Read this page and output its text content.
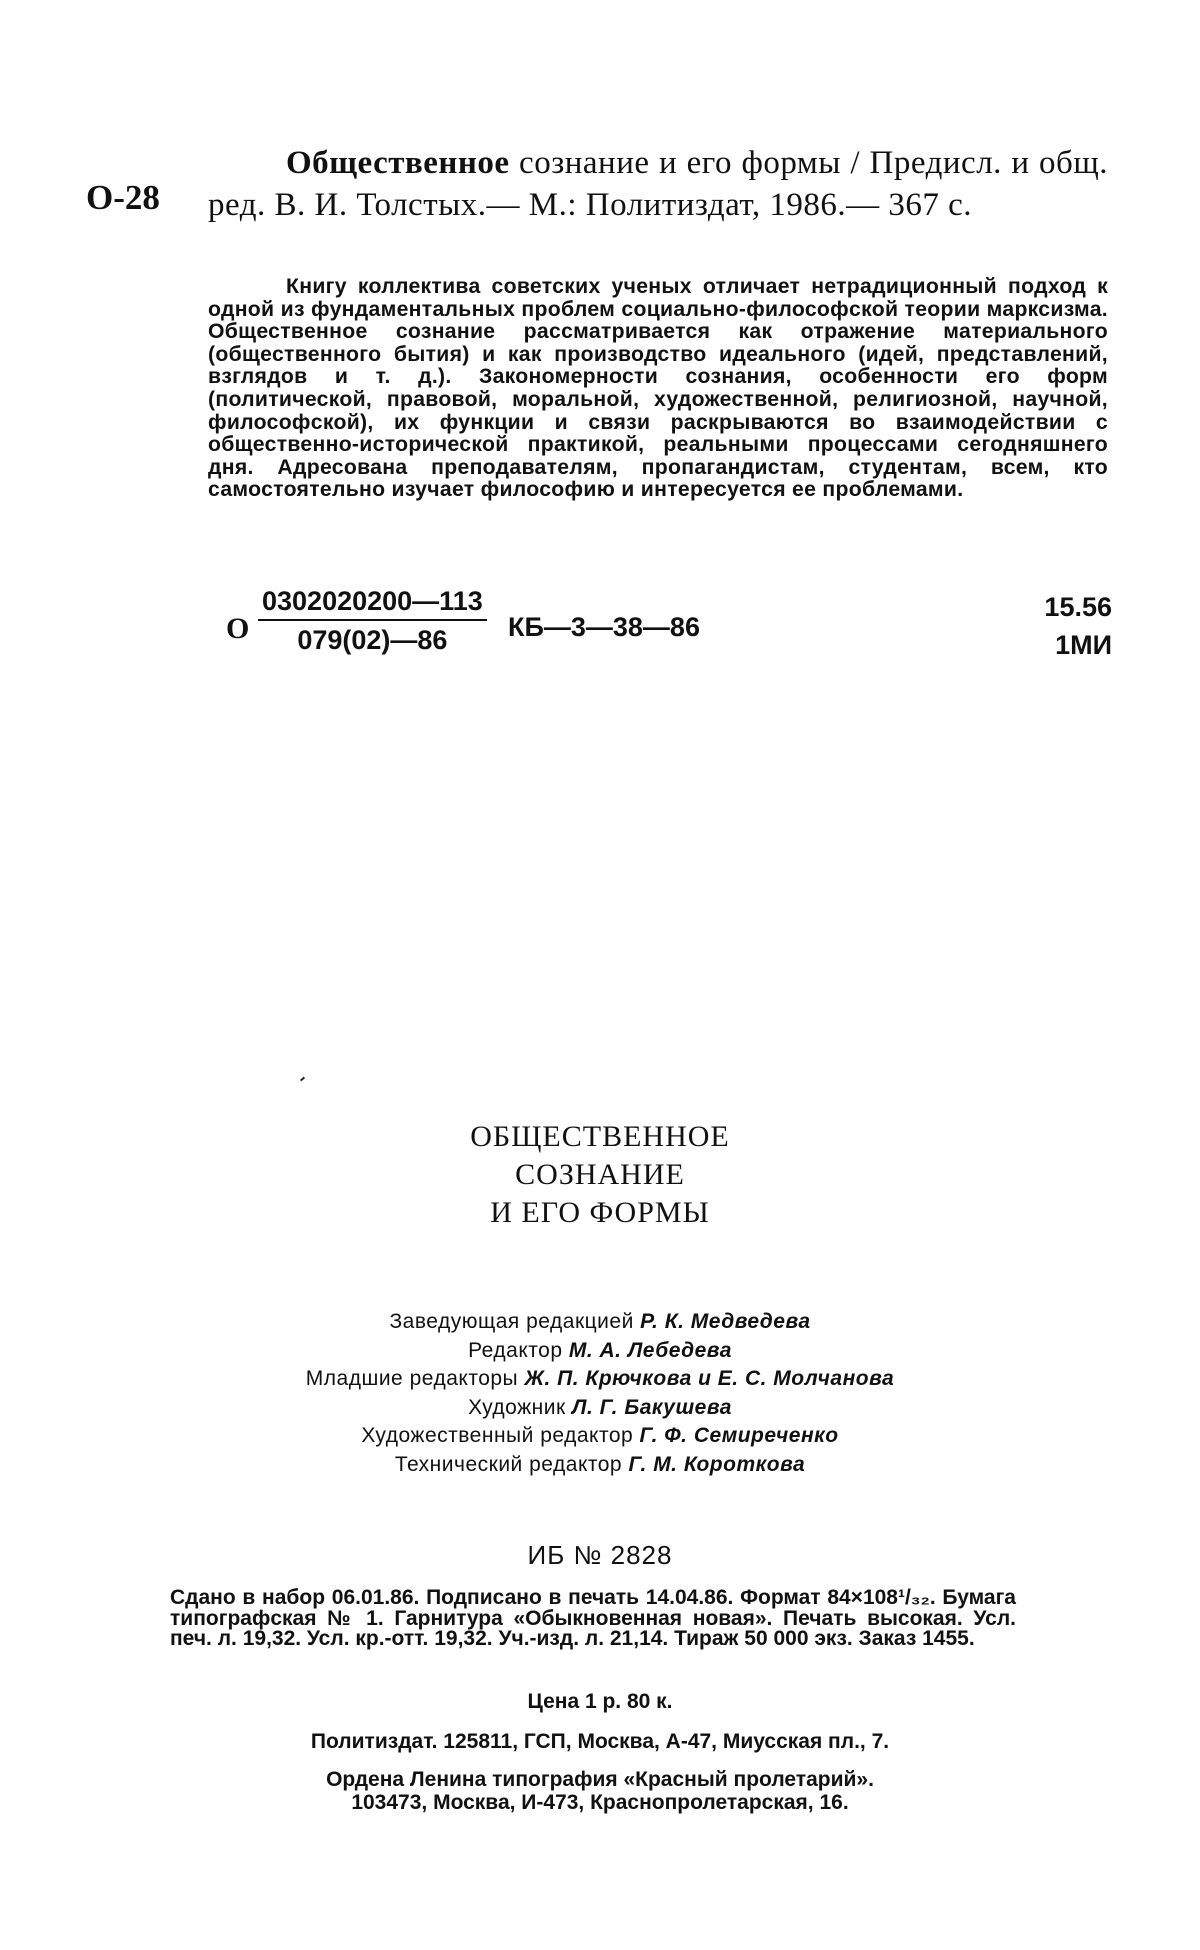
О-28
Общественное сознание и его формы / Предисл. и общ. ред. В. И. Толстых.— М.: Политиздат, 1986.— 367 с.
Книгу коллектива советских ученых отличает нетрадиционный подход к одной из фундаментальных проблем социально-философской теории марксизма. Общественное сознание рассматривается как отражение материального (общественного бытия) и как производство идеального (идей, представлений, взглядов и т. д.). Закономерности сознания, особенности его форм (политической, правовой, моральной, художественной, религиозной, научной, философской), их функции и связи раскрываются во взаимодействии с общественно-исторической практикой, реальными процессами сегодняшнего дня. Адресована преподавателям, пропагандистам, студентам, всем, кто самостоятельно изучает философию и интересуется ее проблемами.
О $\frac{0302020200—113}{079(02)—86}$ КБ—3—38—86
15.56
1МИ
ОБЩЕСТВЕННОЕ
СОЗНАНИЕ
И ЕГО ФОРМЫ
Заведующая редакцией Р. К. Медведева
Редактор М. А. Лебедева
Младшие редакторы Ж. П. Крючкова и Е. С. Молчанова
Художник Л. Г. Бакушева
Художественный редактор Г. Ф. Семиреченко
Технический редактор Г. М. Короткова
ИБ № 2828
Сдано в набор 06.01.86. Подписано в печать 14.04.86. Формат 84×108¹/₃₂. Бумага типографская № 1. Гарнитура «Обыкновенная новая». Печать высокая. Усл. печ. л. 19,32. Усл. кр.-отт. 19,32. Уч.-изд. л. 21,14. Тираж 50 000 экз. Заказ 1455.
Цена 1 р. 80 к.
Политиздат. 125811, ГСП, Москва, А-47, Миусская пл., 7.
Ордена Ленина типография «Красный пролетарий».
103473, Москва, И-473, Краснопролетарская, 16.
